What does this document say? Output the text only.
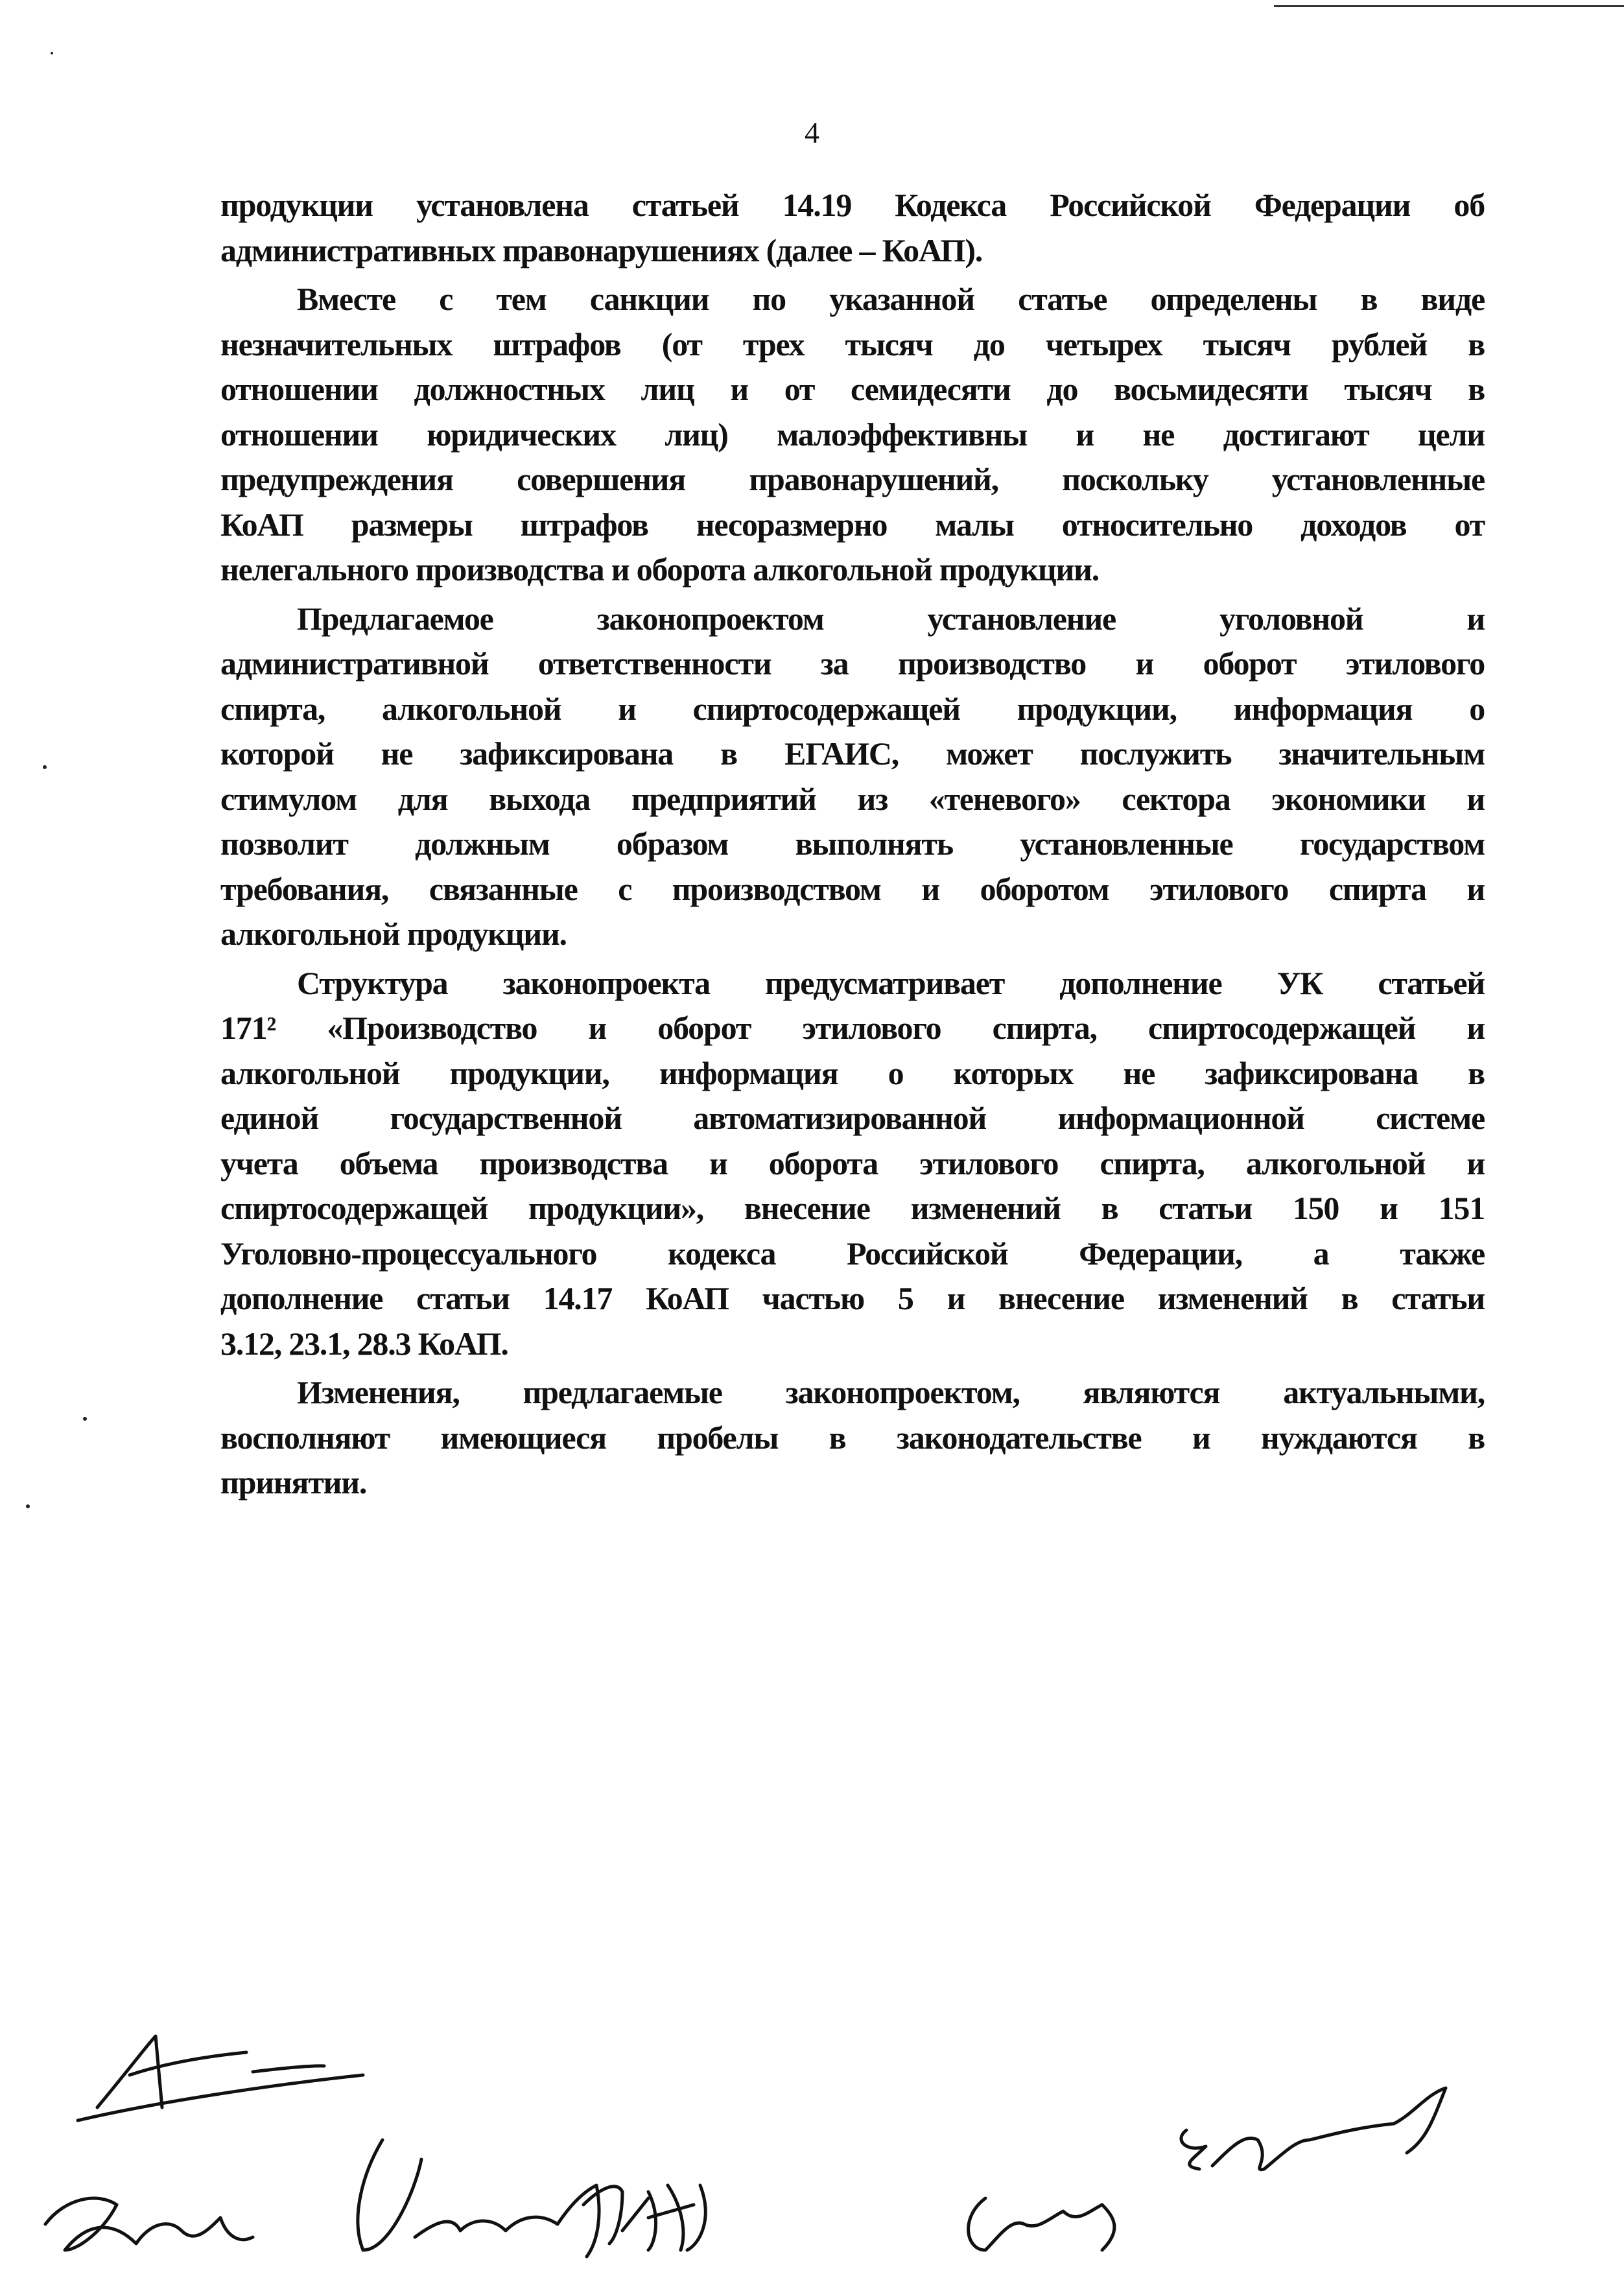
4
продукции установлена статьей 14.19 Кодекса Российской Федерации об
административных правонарушениях (далее – КоАП).
Вместе с тем санкции по указанной статье определены в виде
незначительных штрафов (от трех тысяч до четырех тысяч рублей в
отношении должностных лиц и от семидесяти до восьмидесяти тысяч в
отношении юридических лиц) малоэффективны и не достигают цели
предупреждения совершения правонарушений, поскольку установленные
КоАП размеры штрафов несоразмерно малы относительно доходов от
нелегального производства и оборота алкогольной продукции.
Предлагаемое законопроектом установление уголовной и
административной ответственности за производство и оборот этилового
спирта, алкогольной и спиртосодержащей продукции, информация о
которой не зафиксирована в ЕГАИС, может послужить значительным
стимулом для выхода предприятий из «теневого» сектора экономики и
позволит должным образом выполнять установленные государством
требования, связанные с производством и оборотом этилового спирта и
алкогольной продукции.
Структура законопроекта предусматривает дополнение УК статьей
171² «Производство и оборот этилового спирта, спиртосодержащей и
алкогольной продукции, информация о которых не зафиксирована в
единой государственной автоматизированной информационной системе
учета объема производства и оборота этилового спирта, алкогольной и
спиртосодержащей продукции», внесение изменений в статьи 150 и 151
Уголовно-процессуального кодекса Российской Федерации, а также
дополнение статьи 14.17 КоАП частью 5 и внесение изменений в статьи
3.12, 23.1, 28.3 КоАП.
Изменения, предлагаемые законопроектом, являются актуальными,
восполняют имеющиеся пробелы в законодательстве и нуждаются в
принятии.
